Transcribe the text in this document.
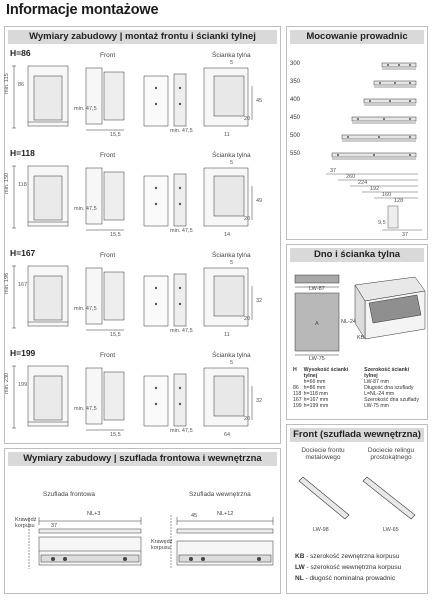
Informacje montażowe
Wymiary zabudowy | montaż frontu i ścianki tylnej
H=86	Front	Ścianka tylna
min. 115 86
min. 47,5
15,5
min. 47,5
5
45
20
11
H=118	Front	Ścianka tylna
min. 150 118
min. 47,5
15,5
min. 47,5
5
49
20
14
H=167	Front	Ścianka tylna
min. 196 167
min. 47,5
15,5
min. 47,5
5
32
20
11
H=199	Front	Ścianka tylna
min. 230 199
min. 47,5
15,5
min. 47,5
5
32
20
64
Wymiary zabudowy | szuflada frontowa i wewnętrzna
Szuflada frontowa	Szuflada wewnętrzna
Krawędź korpusu
Krawędź korpusu
NL+3	NL+12
37
45
Mocowanie prowadnic
300
350
400
450
500
550
37
260
224
192
160
128
9,5
37
Dno i ścianka tylna
LW-87
NL-24
A
LW-75
KB
H	Wysokość ścianki tylnej	Szerokość ścianki tylnej
	h=66 mm	LW-87 mm
86	h=86 mm	Długość dna szuflady
118	h=118 mm	L=NL-24 mm
167	h=167 mm	Szerokość dna szuflady
199	h=199 mm	LW-75 mm
Front (szuflada wewnętrzna)
Dociecie frontu metalowego
Dociecie relingu prostokątnego
LW-98	LW-65
KB - szerokość zewnętrzna korpusu
LW - szerokość wewnętrzna korpusu
NL - długość nominalna prowadnic
